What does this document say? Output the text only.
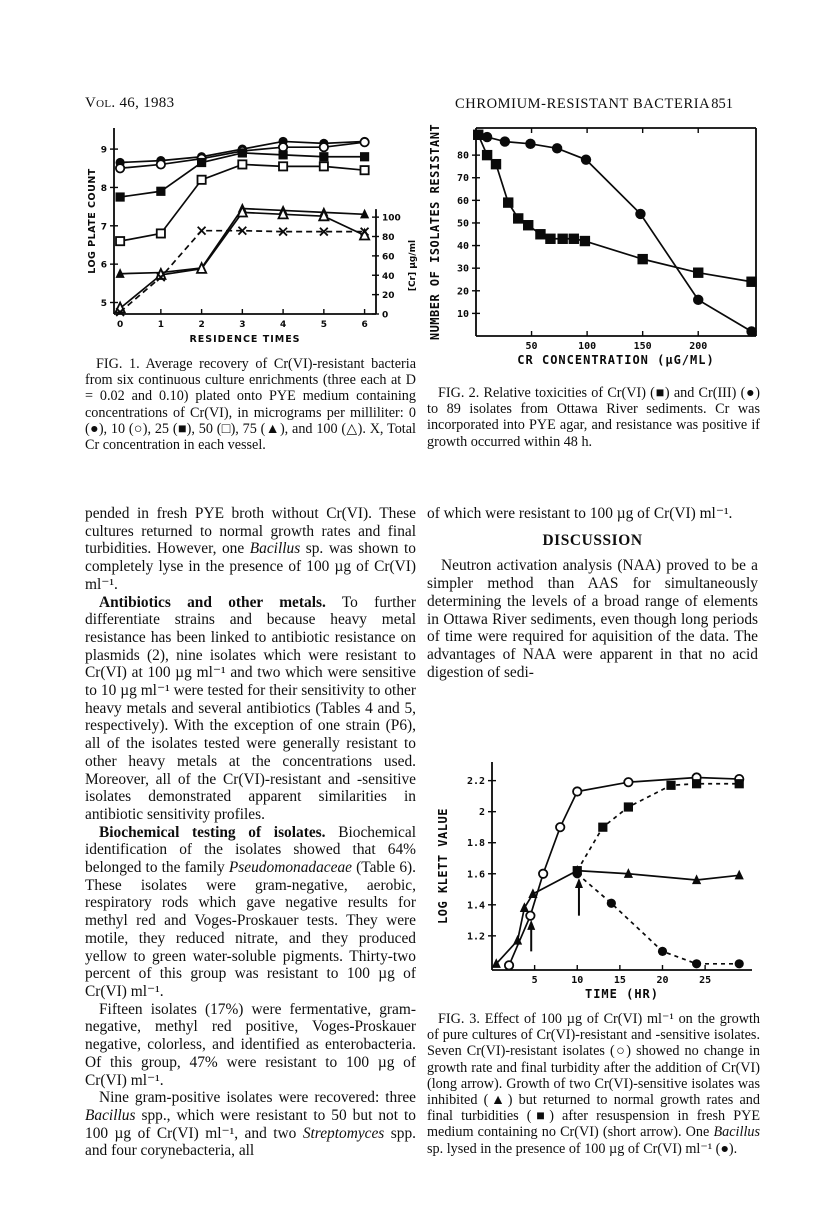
Vol. 46, 1983	CHROMIUM-RESISTANT BACTERIA 851
0	1	2	3	4	5	6
5
6
7
8
9
0
20
40
60
80
100
[Cr] µg/ml
RESIDENCE TIMES
LOG PLATE COUNT
FIG. 1. Average recovery of Cr(VI)-resistant bacteria from six continuous culture enrichments (three each at D = 0.02 and 0.10) plated onto PYE medium containing concentrations of Cr(VI), in micrograms per milliliter: 0 (●), 10 (○), 25 (■), 50 (□), 75 (▲), and 100 (△). X, Total Cr concentration in each vessel.
50	100	150	200
10
20
30
40
50
60
70
80
CR CONCENTRATION (µG/ML)
NUMBER OF ISOLATES RESISTANT
FIG. 2. Relative toxicities of Cr(VI) (■) and Cr(III) (●) to 89 isolates from Ottawa River sediments. Cr was incorporated into PYE agar, and resistance was positive if growth occurred within 48 h.

pended in fresh PYE broth without Cr(VI). These cultures returned to normal growth rates and final turbidities. However, one Bacillus sp. was shown to completely lyse in the presence of 100 µg of Cr(VI) ml⁻¹.

Antibiotics and other metals. To further differentiate strains and because heavy metal resistance has been linked to antibiotic resistance on plasmids (2), nine isolates which were resistant to Cr(VI) at 100 µg ml⁻¹ and two which were sensitive to 10 µg ml⁻¹ were tested for their sensitivity to other heavy metals and several antibiotics (Tables 4 and 5, respectively). With the exception of one strain (P6), all of the isolates tested were generally resistant to other heavy metals at the concentrations used. Moreover, all of the Cr(VI)-resistant and -sensitive isolates demonstrated apparent similarities in antibiotic sensitivity profiles.

Biochemical testing of isolates. Biochemical identification of the isolates showed that 64% belonged to the family Pseudomonadaceae (Table 6). These isolates were gram-negative, aerobic, respiratory rods which gave negative results for methyl red and Voges-Proskauer tests. They were motile, they reduced nitrate, and they produced yellow to green water-soluble pigments. Thirty-two percent of this group was resistant to 100 µg of Cr(VI) ml⁻¹.

Fifteen isolates (17%) were fermentative, gram-negative, methyl red positive, Voges-Proskauer negative, colorless, and identified as enterobacteria. Of this group, 47% were resistant to 100 µg of Cr(VI) ml⁻¹.

Nine gram-positive isolates were recovered: three Bacillus spp., which were resistant to 50 but not to 100 µg of Cr(VI) ml⁻¹, and two Streptomyces spp. and four corynebacteria, all

of which were resistant to 100 µg of Cr(VI) ml⁻¹.

DISCUSSION

Neutron activation analysis (NAA) proved to be a simpler method than AAS for simultaneously determining the levels of a broad range of elements in Ottawa River sediments, even though long periods of time were required for aquisition of the data. The advantages of NAA were apparent in that no acid digestion of sedi-

5	10	15	20	25
1.2
1.4
1.6
1.8
2
2.2
TIME (HR)
LOG KLETT VALUE
FIG. 3. Effect of 100 µg of Cr(VI) ml⁻¹ on the growth of pure cultures of Cr(VI)-resistant and -sensitive isolates. Seven Cr(VI)-resistant isolates (○) showed no change in growth rate and final turbidity after the addition of Cr(VI) (long arrow). Growth of two Cr(VI)-sensitive isolates was inhibited (▲) but returned to normal growth rates and final turbidities (■) after resuspension in fresh PYE medium containing no Cr(VI) (short arrow). One Bacillus sp. lysed in the presence of 100 µg of Cr(VI) ml⁻¹ (●).
